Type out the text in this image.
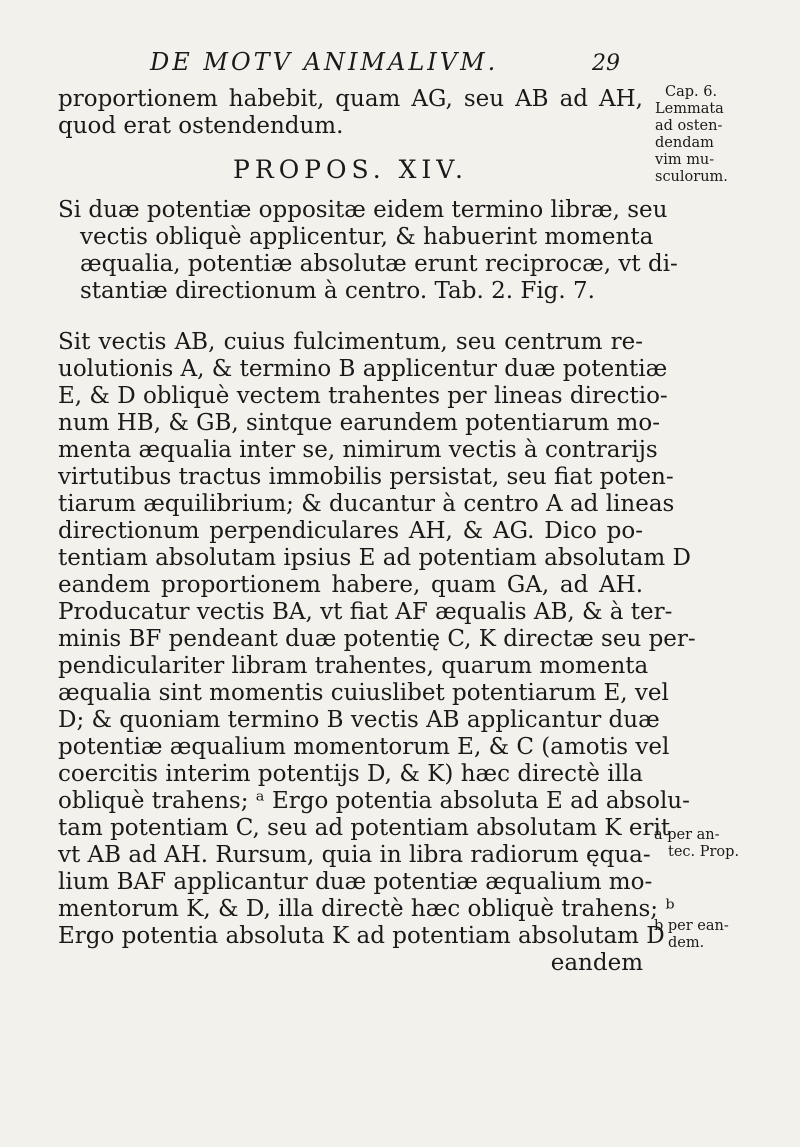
DE MOTV ANIMALIVM.	29
Cap. 6.
Lemmata
ad osten-
dendam
vim mu-
sculorum.
a per an-
tec. Prop.
b per ean-
dem.
proportionem habebit, quam AG, seu AB ad AH,
quod erat ostendendum.
PROPOS. XIV.
Si duæ potentiæ oppositæ eidem termino libræ, seu
vectis obliquè applicentur, & habuerint momenta
æqualia, potentiæ absolutæ erunt reciprocæ, vt di-
stantiæ directionum à centro. Tab. 2. Fig. 7.
Sit vectis AB, cuius fulcimentum, seu centrum re-
uolutionis A, & termino B applicentur duæ potentiæ
E, & D obliquè vectem trahentes per lineas directio-
num HB, & GB, sintque earundem potentiarum mo-
menta æqualia inter se, nimirum vectis à contrarijs
virtutibus tractus immobilis persistat, seu fiat poten-
tiarum æquilibrium; & ducantur à centro A ad lineas
directionum perpendiculares AH, & AG. Dico po-
tentiam absolutam ipsius E ad potentiam absolutam D
eandem proportionem habere, quam GA, ad AH.
Producatur vectis BA, vt fiat AF æqualis AB, & à ter-
minis BF pendeant duæ potentię C, K directæ seu per-
pendiculariter libram trahentes, quarum momenta
æqualia sint momentis cuiuslibet potentiarum E, vel
D; & quoniam termino B vectis AB applicantur duæ
potentiæ æqualium momentorum E, & C (amotis vel
coercitis interim potentijs D, & K) hæc directè illa
obliquè trahens; ᵃ Ergo potentia absoluta E ad absolu-
tam potentiam C, seu ad potentiam absolutam K erit
vt AB ad AH. Rursum, quia in libra radiorum ęqua-
lium BAF applicantur duæ potentiæ æqualium mo-
mentorum K, & D, illa directè hæc obliquè trahens; ᵇ
Ergo potentia absoluta K ad potentiam absolutam D
eandem
